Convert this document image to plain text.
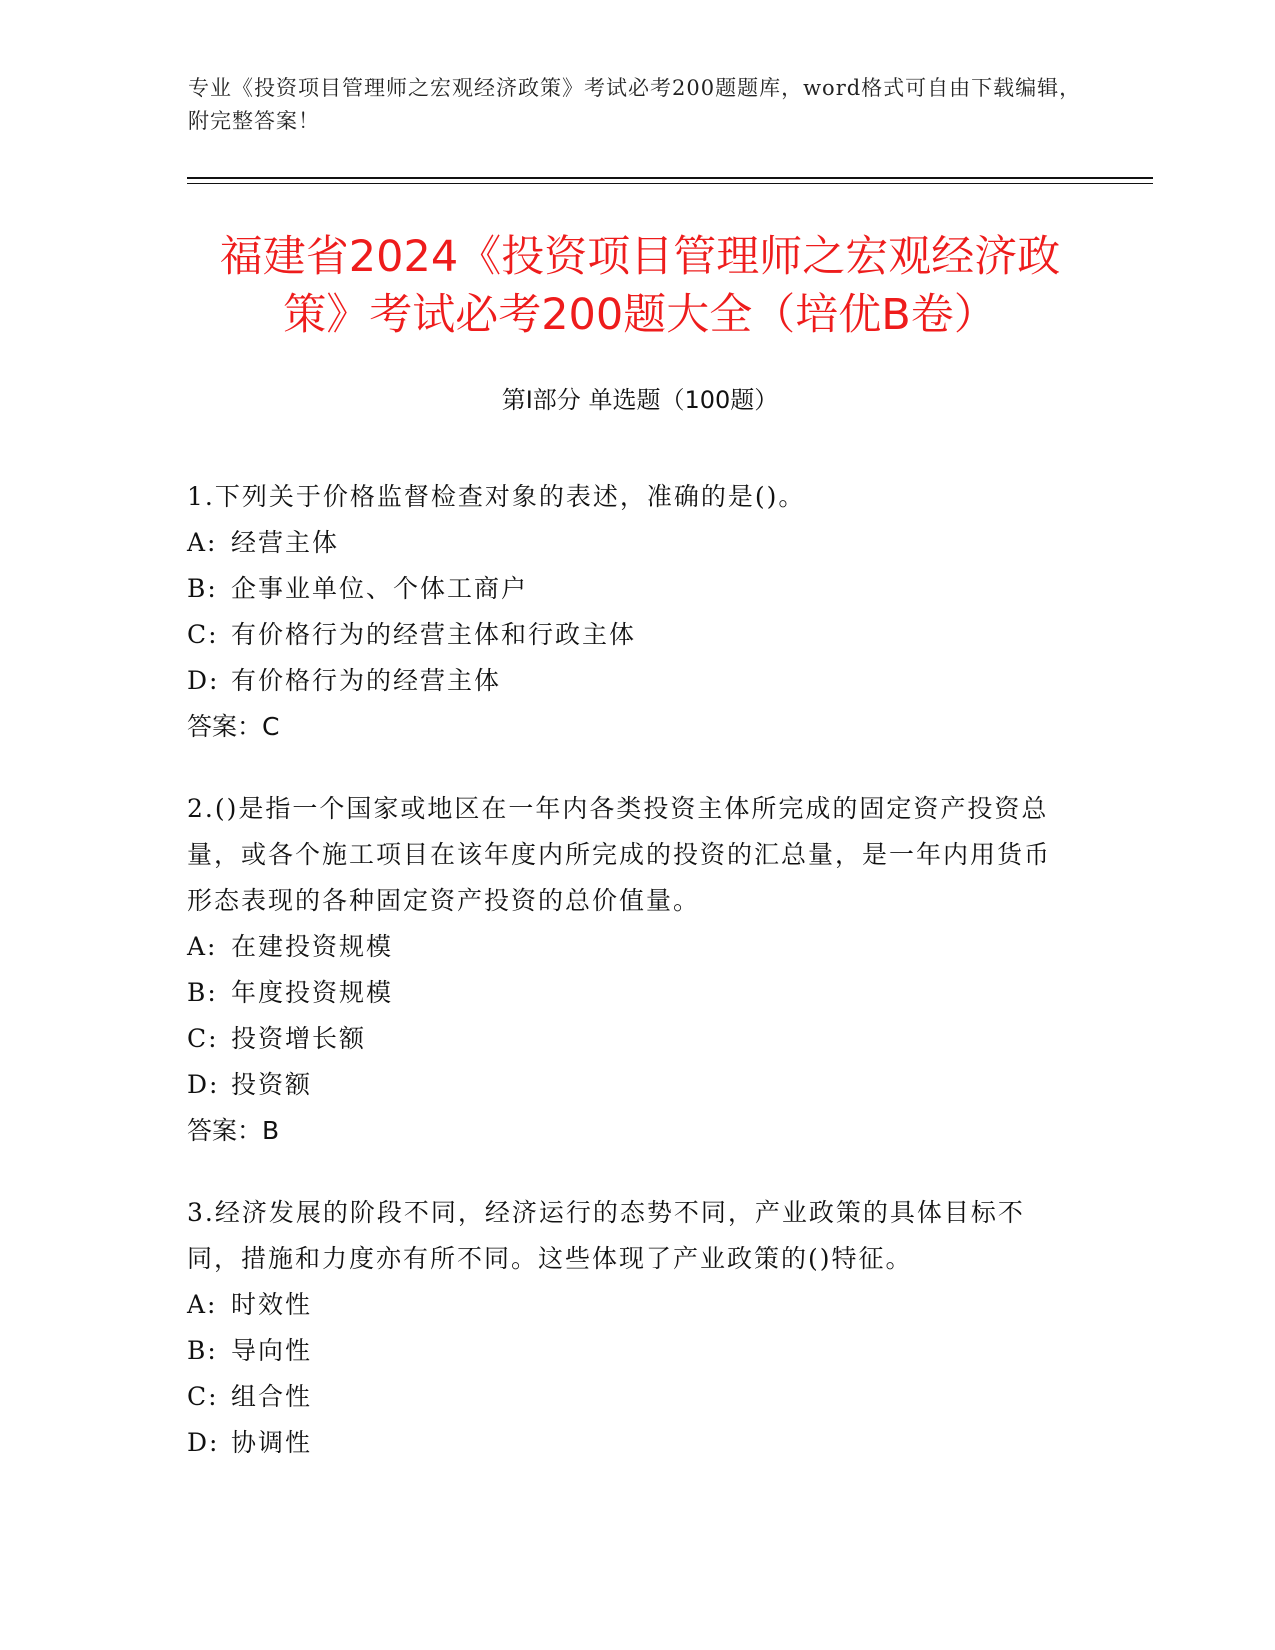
专业《投资项目管理师之宏观经济政策》考试必考200题题库，word格式可自由下载编辑，附完整答案！
福建省2024《投资项目管理师之宏观经济政策》考试必考200题大全（培优B卷）
第I部分 单选题（100题）

1.下列关于价格监督检查对象的表述，准确的是()。

A: 经营主体

B: 企事业单位、个体工商户

C: 有价格行为的经营主体和行政主体

D: 有价格行为的经营主体

答案：C

2.()是指一个国家或地区在一年内各类投资主体所完成的固定资产投资总量，或各个施工项目在该年度内所完成的投资的汇总量，是一年内用货币形态表现的各种固定资产投资的总价值量。

A: 在建投资规模

B: 年度投资规模

C: 投资增长额

D: 投资额

答案：B

3.经济发展的阶段不同，经济运行的态势不同，产业政策的具体目标不同，措施和力度亦有所不同。这些体现了产业政策的()特征。

A: 时效性

B: 导向性

C: 组合性

D: 协调性
